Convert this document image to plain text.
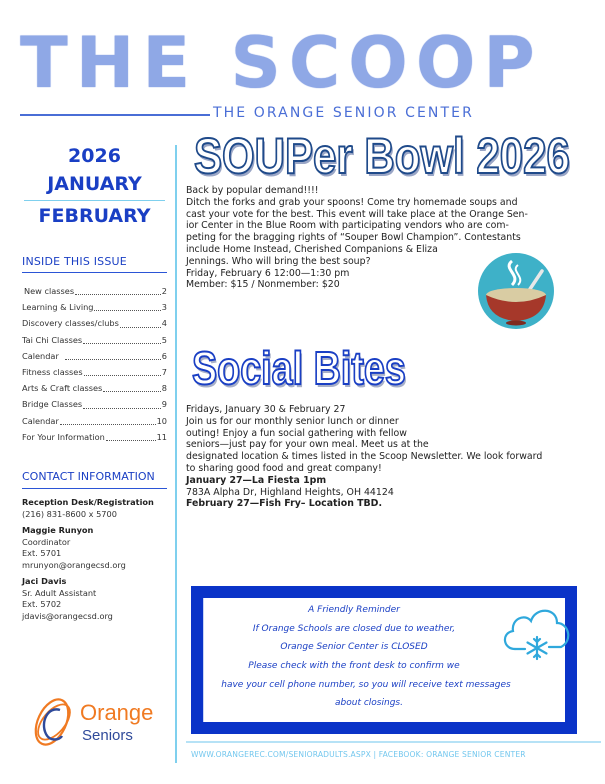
THE SCOOP
THE ORANGE SENIOR CENTER
2026
JANUARY
FEBRUARY
INSIDE THIS ISSUE
New classes	2
Learning & Living	3
Discovery classes/clubs	4
Tai Chi Classes	5
Calendar	6
Fitness classes	7
Arts & Craft classes	8
Bridge Classes	9
Calendar	10
For Your Information	11
CONTACT INFORMATION
Reception Desk/Registration
(216) 831-8600 x 5700
Maggie Runyon
Coordinator
Ext. 5701
mrunyon@orangecsd.org
Jaci Davis
Sr. Adult Assistant
Ext. 5702
jdavis@orangecsd.org
Orange
Seniors
SOUPer Bowl 2026
Back by popular demand!!!!
Ditch the forks and grab your spoons! Come try homemade soups and
cast your vote for the best. This event will take place at the Orange Sen-
ior Center in the Blue Room with participating vendors who are com-
peting for the bragging rights of “Souper Bowl Champion”. Contestants
include Home Instead, Cherished Companions & Eliza
Jennings. Who will bring the best soup?
Friday, February 6 12:00—1:30 pm
Member: $15 / Nonmember: $20
Social Bites
Fridays, January 30 & February 27
Join us for our monthly senior lunch or dinner
outing! Enjoy a fun social gathering with fellow
seniors—just pay for your own meal. Meet us at the
designated location & times listed in the Scoop Newsletter. We look forward
to sharing good food and great company!
January 27—La Fiesta 1pm
783A Alpha Dr, Highland Heights, OH 44124
February 27—Fish Fry– Location TBD.
A Friendly Reminder
If Orange Schools are closed due to weather,
Orange Senior Center is CLOSED
Please check with the front desk to confirm we
have your cell phone number, so you will receive text messages
about closings.
WWW.ORANGEREC.COM/SENIORADULTS.ASPX | FACEBOOK: ORANGE SENIOR CENTER
